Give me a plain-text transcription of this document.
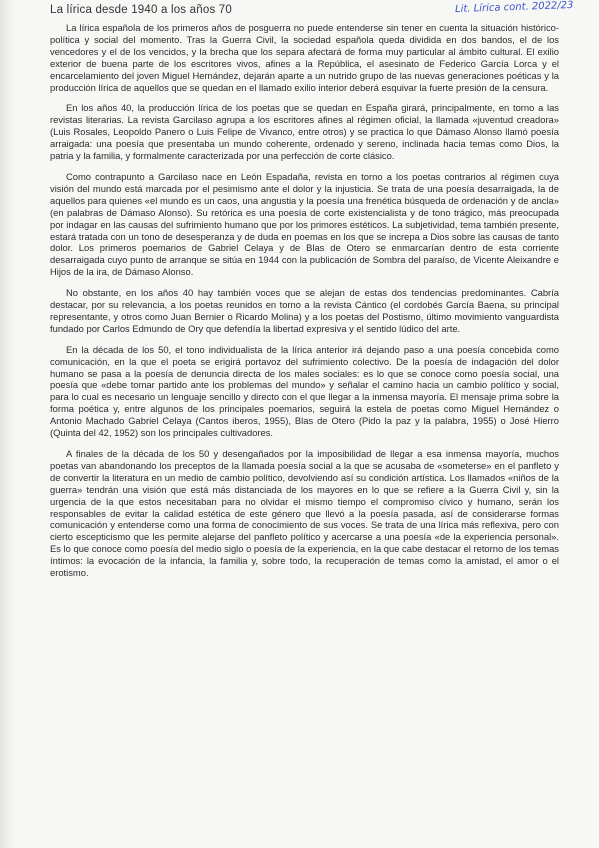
La lírica desde 1940 a los años 70	Lit. Lírica cont. 2022/23

La lírica española de los primeros años de posguerra no puede entenderse sin tener en cuenta la situación histórico-política y social del momento. Tras la Guerra Civil, la sociedad española queda dividida en dos bandos, el de los vencedores y el de los vencidos, y la brecha que los separa afectará de forma muy particular al ámbito cultural. El exilio exterior de buena parte de los escritores vivos, afines a la República, el asesinato de Federico García Lorca y el encarcelamiento del joven Miguel Hernández, dejarán aparte a un nutrido grupo de las nuevas generaciones poéticas y la producción lírica de aquellos que se quedan en el llamado exilio interior deberá esquivar la fuerte presión de la censura.

En los años 40, la producción lírica de los poetas que se quedan en España girará, principalmente, en torno a las revistas literarias. La revista Garcilaso agrupa a los escritores afines al régimen oficial, la llamada «juventud creadora» (Luis Rosales, Leopoldo Panero o Luis Felipe de Vivanco, entre otros) y se practica lo que Dámaso Alonso llamó poesía arraigada: una poesía que presentaba un mundo coherente, ordenado y sereno, inclinada hacia temas como Dios, la patria y la familia, y formalmente caracterizada por una perfección de corte clásico.

Como contrapunto a Garcilaso nace en León Espadaña, revista en torno a los poetas contrarios al régimen cuya visión del mundo está marcada por el pesimismo ante el dolor y la injusticia. Se trata de una poesía desarraigada, la de aquellos para quienes «el mundo es un caos, una angustia y la poesía una frenética búsqueda de ordenación y de ancla» (en palabras de Dámaso Alonso). Su retórica es una poesía de corte existencialista y de tono trágico, más preocupada por indagar en las causas del sufrimiento humano que por los primores estéticos. La subjetividad, tema también presente, estará tratada con un tono de desesperanza y de duda en poemas en los que se increpa a Dios sobre las causas de tanto dolor. Los primeros poemarios de Gabriel Celaya y de Blas de Otero se enmarcarían dentro de esta corriente desarraigada cuyo punto de arranque se sitúa en 1944 con la publicación de Sombra del paraíso, de Vicente Aleixandre e Hijos de la ira, de Dámaso Alonso.

No obstante, en los años 40 hay también voces que se alejan de estas dos tendencias predominantes. Cabría destacar, por su relevancia, a los poetas reunidos en torno a la revista Cántico (el cordobés García Baena, su principal representante, y otros como Juan Bernier o Ricardo Molina) y a los poetas del Postismo, último movimiento vanguardista fundado por Carlos Edmundo de Ory que defendía la libertad expresiva y el sentido lúdico del arte.

En la década de los 50, el tono individualista de la lírica anterior irá dejando paso a una poesía concebida como comunicación, en la que el poeta se erigirá portavoz del sufrimiento colectivo. De la poesía de indagación del dolor humano se pasa a la poesía de denuncia directa de los males sociales: es lo que se conoce como poesía social, una poesía que «debe tomar partido ante los problemas del mundo» y señalar el camino hacia un cambio político y social, para lo cual es necesario un lenguaje sencillo y directo con el que llegar a la inmensa mayoría. El mensaje prima sobre la forma poética y, entre algunos de los principales poemarios, seguirá la estela de poetas como Miguel Hernández o Antonio Machado Gabriel Celaya (Cantos iberos, 1955), Blas de Otero (Pido la paz y la palabra, 1955) o José Hierro (Quinta del 42, 1952) son los principales cultivadores.

A finales de la década de los 50 y desengañados por la imposibilidad de llegar a esa inmensa mayoría, muchos poetas van abandonando los preceptos de la llamada poesía social a la que se acusaba de «someterse» en el panfleto y de convertir la literatura en un medio de cambio político, devolviendo así su condición artística. Los llamados «niños de la guerra» tendrán una visión que está más distanciada de los mayores en lo que se refiere a la Guerra Civil y, sin la urgencia de la que estos necesitaban para no olvidar el mismo tiempo el compromiso cívico y humano, serán los responsables de evitar la calidad estética de este género que llevó a la poesía pasada, así de considerarse formas comunicación y entenderse como una forma de conocimiento de sus voces. Se trata de una lírica más reflexiva, pero con cierto escepticismo que les permite alejarse del panfleto político y acercarse a una poesía «de la experiencia personal». Es lo que conoce como poesía del medio siglo o poesía de la experiencia, en la que cabe destacar el retorno de los temas íntimos: la evocación de la infancia, la familia y, sobre todo, la recuperación de temas como la amistad, el amor o el erotismo.
